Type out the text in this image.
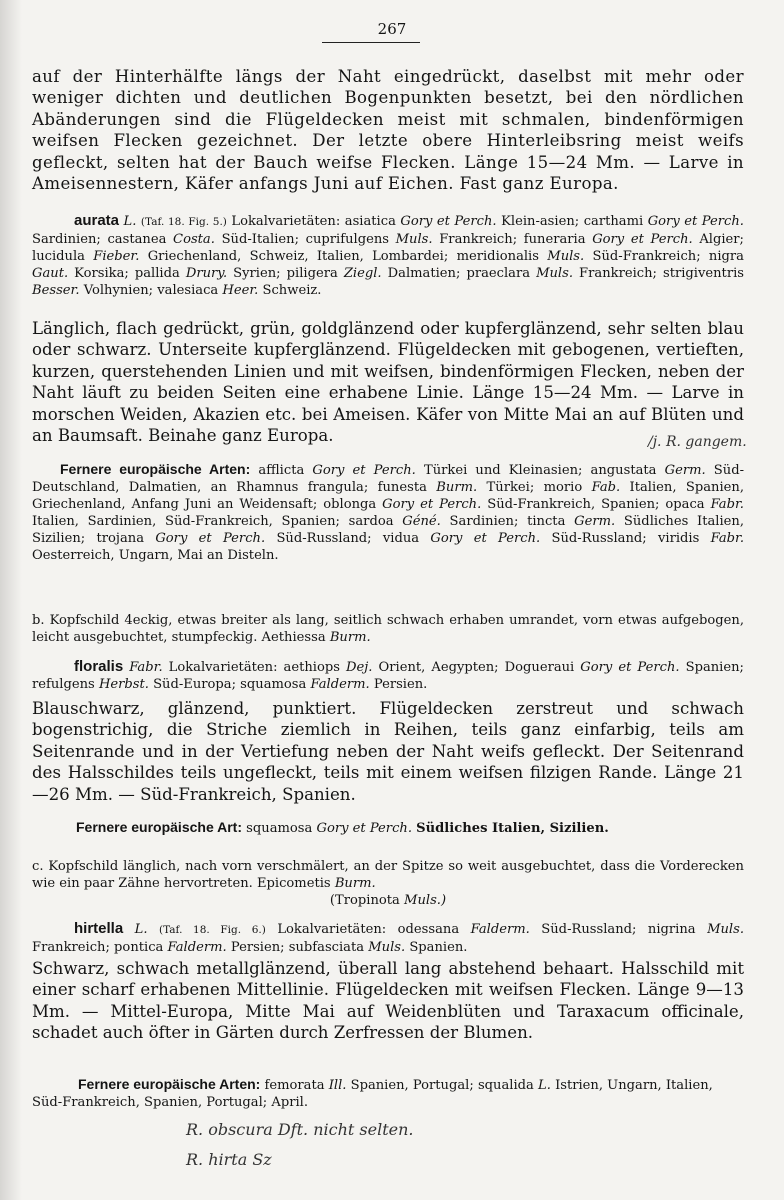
267

auf der Hinterhälfte längs der Naht eingedrückt, daselbst mit mehr oder weniger dichten und deutlichen Bogenpunkten besetzt, bei den nördlichen Abänderungen sind die Flügeldecken meist mit schmalen, bindenförmigen weifsen Flecken gezeichnet. Der letzte obere Hinterleibsring meist weifs gefleckt, selten hat der Bauch weifse Flecken. Länge 15—24 Mm. — Larve in Ameisennestern, Käfer anfangs Juni auf Eichen. Fast ganz Europa.

aurata L. (Taf. 18. Fig. 5.) Lokalvarietäten: asiatica Gory et Perch. Klein-asien; carthami Gory et Perch. Sardinien; castanea Costa. Süd-Italien; cuprifulgens Muls. Frankreich; funeraria Gory et Perch. Algier; lucidula Fieber. Griechenland, Schweiz, Italien, Lombardei; meridionalis Muls. Süd-Frankreich; nigra Gaut. Korsika; pallida Drury. Syrien; piligera Ziegl. Dalmatien; praeclara Muls. Frankreich; strigiventris Besser. Volhynien; valesiaca Heer. Schweiz.

Länglich, flach gedrückt, grün, goldglänzend oder kupferglänzend, sehr selten blau oder schwarz. Unterseite kupferglänzend. Flügeldecken mit gebogenen, vertieften, kurzen, querstehenden Linien und mit weifsen, bindenförmigen Flecken, neben der Naht läuft zu beiden Seiten eine erhabene Linie. Länge 15—24 Mm. — Larve in morschen Weiden, Akazien etc. bei Ameisen. Käfer von Mitte Mai an auf Blüten und an Baumsaft. Beinahe ganz Europa.

Fernere europäische Arten: afflicta Gory et Perch. Türkei und Kleinasien; angustata Germ. Süd-Deutschland, Dalmatien, an Rhamnus frangula; funesta Burm. Türkei; morio Fab. Italien, Spanien, Griechenland, Anfang Juni an Weidensaft; oblonga Gory et Perch. Süd-Frankreich, Spanien; opaca Fabr. Italien, Sardinien, Süd-Frankreich, Spanien; sardoa Géné. Sardinien; tincta Germ. Südliches Italien, Sizilien; trojana Gory et Perch. Süd-Russland; vidua Gory et Perch. Süd-Russland; viridis Fabr. Oesterreich, Ungarn, Mai an Disteln.

b. Kopfschild 4eckig, etwas breiter als lang, seitlich schwach erhaben umrandet, vorn etwas aufgebogen, leicht ausgebuchtet, stumpfeckig. Aethiessa Burm.

floralis Fabr. Lokalvarietäten: aethiops Dej. Orient, Aegypten; Dogueraui Gory et Perch. Spanien; refulgens Herbst. Süd-Europa; squamosa Falderm. Persien.

Blauschwarz, glänzend, punktiert. Flügeldecken zerstreut und schwach bogenstrichig, die Striche ziemlich in Reihen, teils ganz einfarbig, teils am Seitenrande und in der Vertiefung neben der Naht weifs gefleckt. Der Seitenrand des Halsschildes teils ungefleckt, teils mit einem weifsen filzigen Rande. Länge 21—26 Mm. — Süd-Frankreich, Spanien.

Fernere europäische Art: squamosa Gory et Perch. Südliches Italien, Sizilien.

c. Kopfschild länglich, nach vorn verschmälert, an der Spitze so weit ausgebuchtet, dass die Vorderecken wie ein paar Zähne hervortreten. Epicometis Burm.

(Tropinota Muls.)

hirtella L. (Taf. 18. Fig. 6.) Lokalvarietäten: odessana Falderm. Süd-Russland; nigrina Muls. Frankreich; pontica Falderm. Persien; subfasciata Muls. Spanien.

Schwarz, schwach metallglänzend, überall lang abstehend behaart. Halsschild mit einer scharf erhabenen Mittellinie. Flügeldecken mit weifsen Flecken. Länge 9—13 Mm. — Mittel-Europa, Mitte Mai auf Weidenblüten und Taraxacum officinale, schadet auch öfter in Gärten durch Zerfressen der Blumen.

Fernere europäische Arten: femorata Ill. Spanien, Portugal; squalida L. Istrien, Ungarn, Italien, Süd-Frankreich, Spanien, Portugal; April.

/j. R. gangem.
R. obscura Dft. nicht selten.
R. hirta Sz
